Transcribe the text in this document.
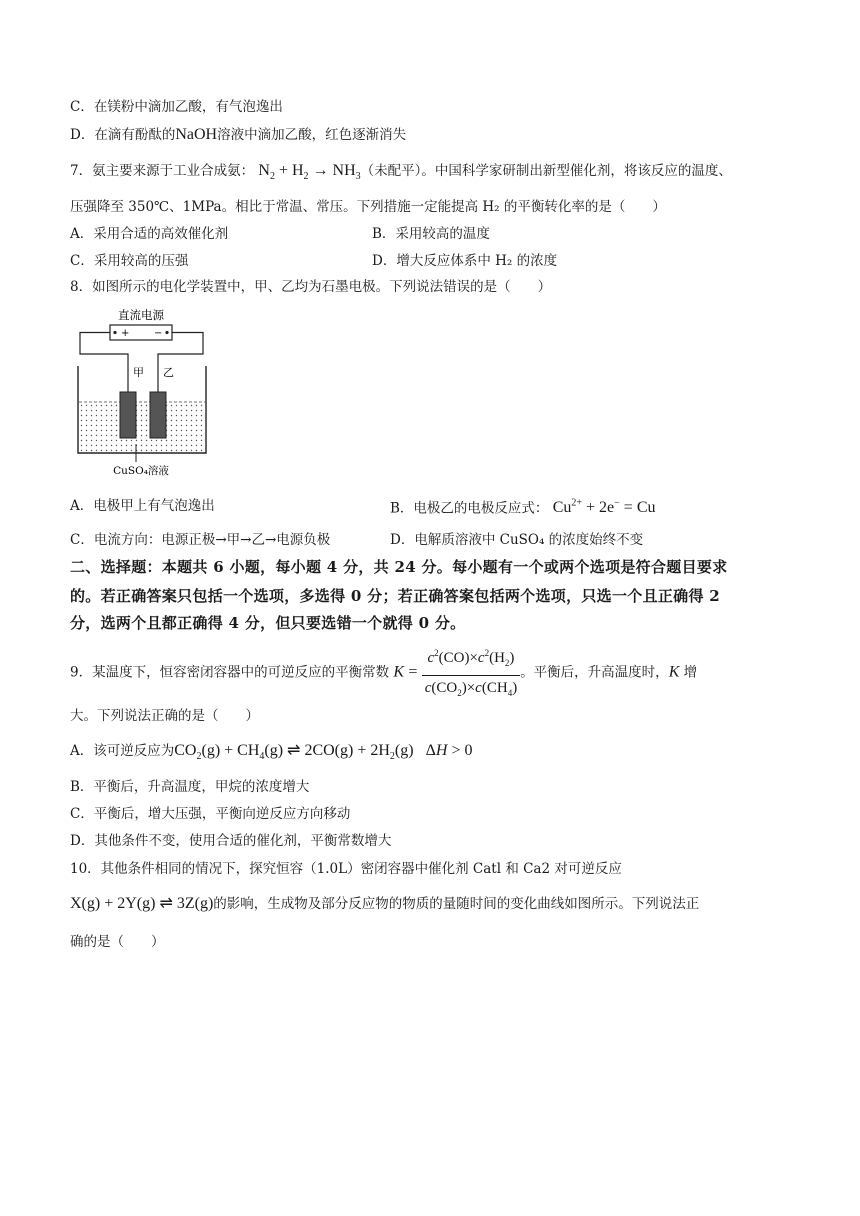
C．在镁粉中滴加乙酸，有气泡逸出
D．在滴有酚酞的NaOH溶液中滴加乙酸，红色逐渐消失
7．氨主要来源于工业合成氨： $N_2 + H_2 \to NH_3$（未配平）。中国科学家研制出新型催化剂，将该反应的温度、
压强降至 350℃、1MPa。相比于常温、常压。下列措施一定能提高 H₂ 的平衡转化率的是（　　）
A．采用合适的高效催化剂	B．采用较高的温度
C．采用较高的压强	D．增大反应体系中 H₂ 的浓度
8．如图所示的电化学装置中，甲、乙均为石墨电极。下列说法错误的是（　　）
直流电源
+ −
甲 乙
CuSO₄溶液
A．电极甲上有气泡逸出	B．电极乙的电极反应式： $Cu^{2+} + 2e^- = Cu$
C．电流方向：电源正极→甲→乙→电源负极	D．电解质溶液中 CuSO₄ 的浓度始终不变
二、选择题：本题共 6 小题，每小题 4 分，共 24 分。每小题有一个或两个选项是符合题目要求
的。若正确答案只包括一个选项，多选得 0 分；若正确答案包括两个选项，只选一个且正确得 2
分，选两个且都正确得 4 分，但只要选错一个就得 0 分。
9．某温度下，恒容密闭容器中的可逆反应的平衡常数 $K = \frac{c^2(CO)\times c^2(H_2)}{c(CO_2)\times c(CH_4)}$ 。平衡后，升高温度时，K 增
大。下列说法正确的是（　　）
A．该可逆反应为$CO_2(g) + CH_4(g)$ ⇌ $2CO(g) + 2H_2(g) \Delta H > 0$
B．平衡后，升高温度，甲烷的浓度增大
C．平衡后，增大压强，平衡向逆反应方向移动
D．其他条件不变，使用合适的催化剂，平衡常数增大
10．其他条件相同的情况下，探究恒容（1.0L）密闭容器中催化剂 Catl 和 Ca2 对可逆反应
X(g) + 2Y(g) ⇌ 3Z(g)的影响，生成物及部分反应物的物质的量随时间的变化曲线如图所示。下列说法正
确的是（　　）
